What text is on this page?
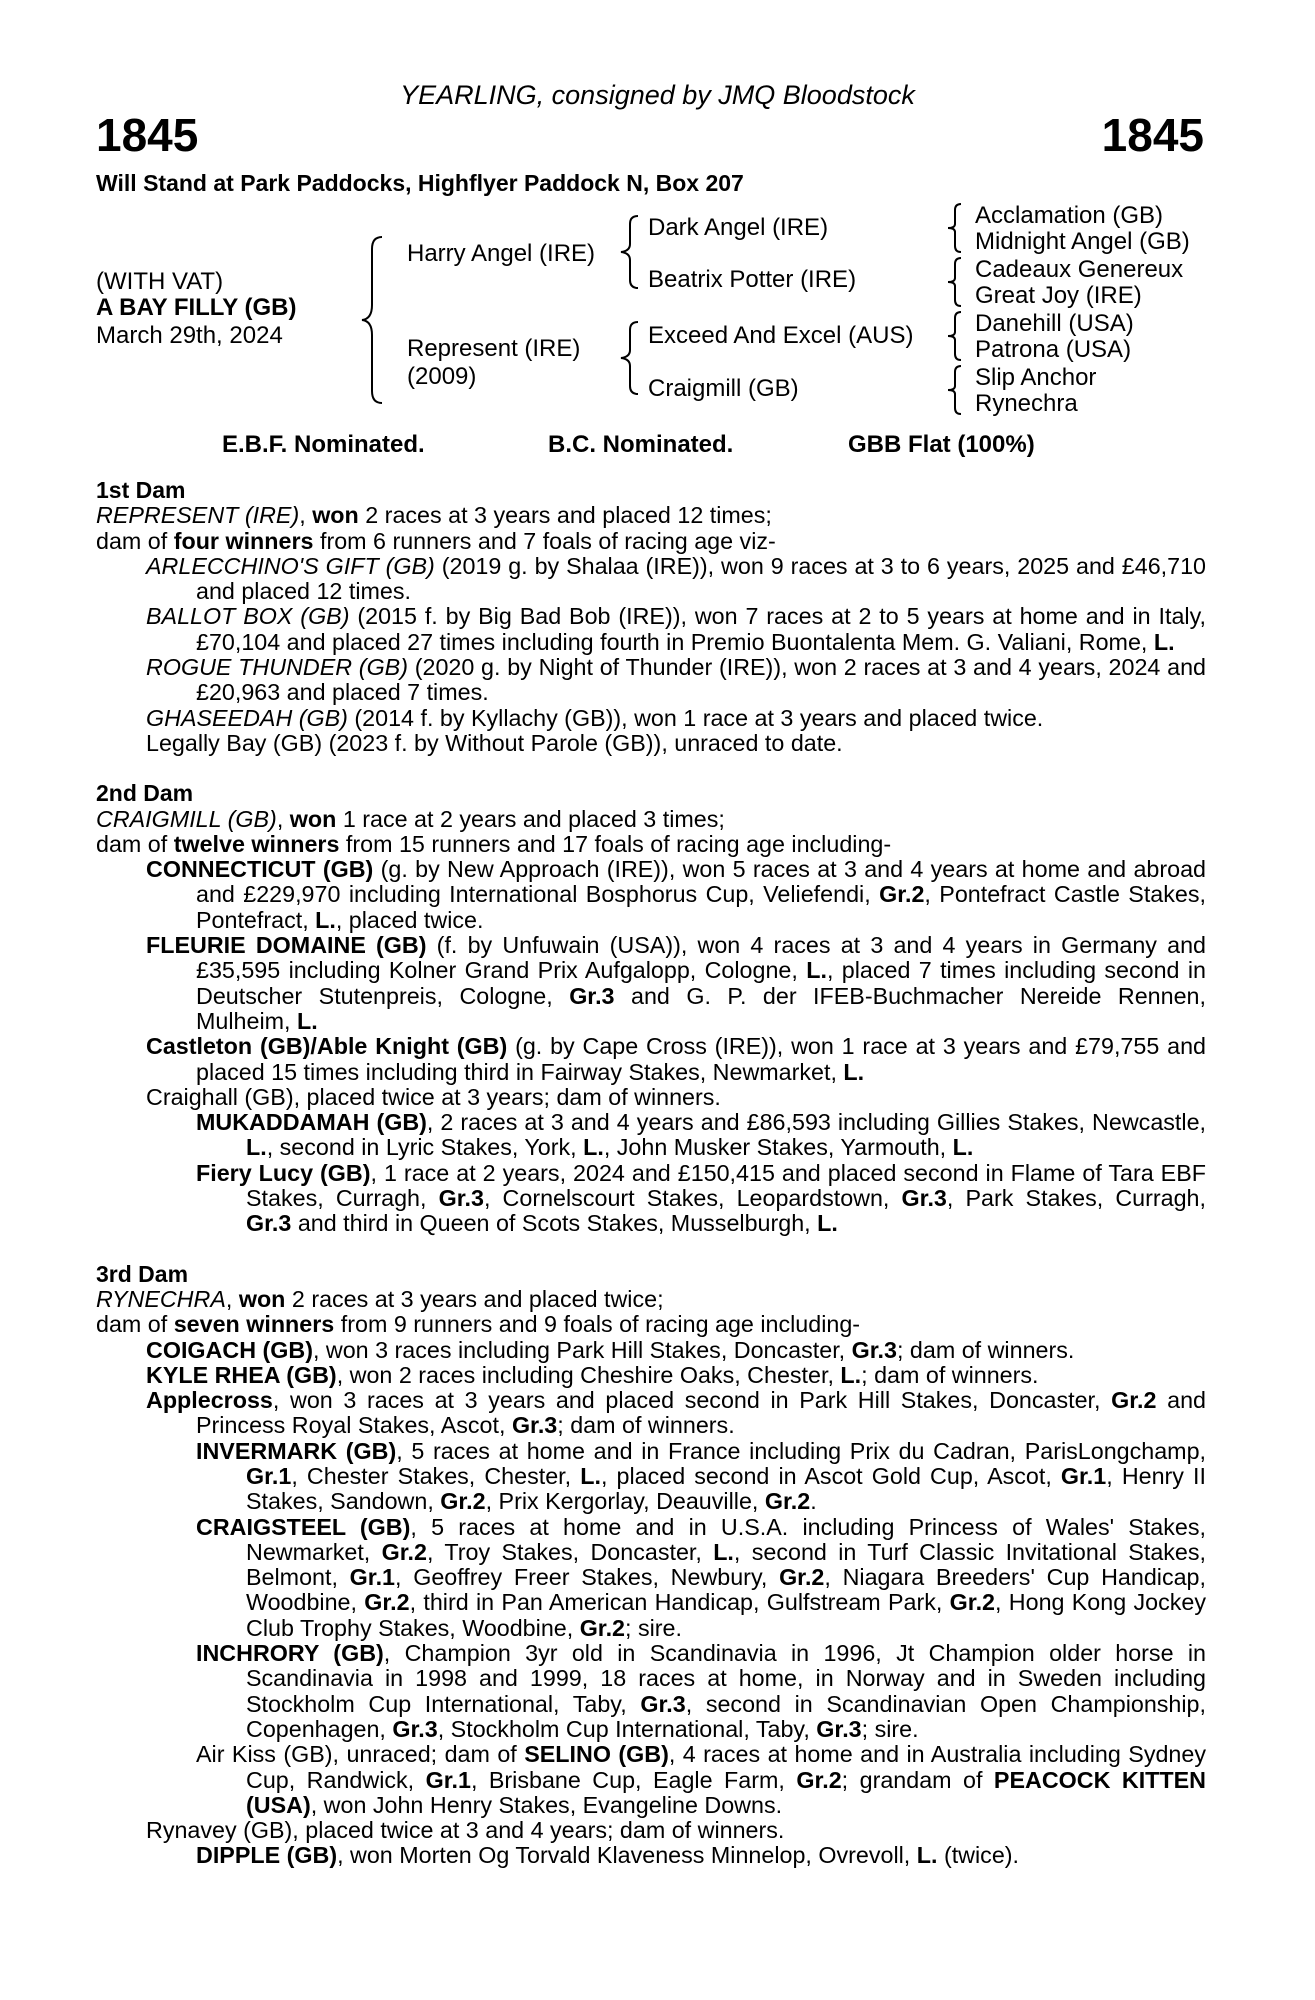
YEARLING, consigned by JMQ Bloodstock
1845	1845
Will Stand at Park Paddocks, Highflyer Paddock N, Box 207
(WITH VAT)
A BAY FILLY (GB)
March 29th, 2024
Harry Angel (IRE)
Represent (IRE)
(2009)
Dark Angel (IRE)
Beatrix Potter (IRE)
Exceed And Excel (AUS)
Craigmill (GB)
Acclamation (GB)
Midnight Angel (GB)
Cadeaux Genereux
Great Joy (IRE)
Danehill (USA)
Patrona (USA)
Slip Anchor
Rynechra
E.B.F. Nominated.	B.C. Nominated.	GBB Flat (100%)

1st Dam

REPRESENT (IRE), won 2 races at 3 years and placed 12 times;

dam of four winners from 6 runners and 7 foals of racing age viz-

ARLECCHINO'S GIFT (GB) (2019 g. by Shalaa (IRE)), won 9 races at 3 to 6 years, 2025 and £46,710 and placed 12 times.

BALLOT BOX (GB) (2015 f. by Big Bad Bob (IRE)), won 7 races at 2 to 5 years at home and in Italy, £70,104 and placed 27 times including fourth in Premio Buontalenta Mem. G. Valiani, Rome, L.

ROGUE THUNDER (GB) (2020 g. by Night of Thunder (IRE)), won 2 races at 3 and 4 years, 2024 and £20,963 and placed 7 times.

GHASEEDAH (GB) (2014 f. by Kyllachy (GB)), won 1 race at 3 years and placed twice.

Legally Bay (GB) (2023 f. by Without Parole (GB)), unraced to date.

2nd Dam

CRAIGMILL (GB), won 1 race at 2 years and placed 3 times;

dam of twelve winners from 15 runners and 17 foals of racing age including-

CONNECTICUT (GB) (g. by New Approach (IRE)), won 5 races at 3 and 4 years at home and abroad and £229,970 including International Bosphorus Cup, Veliefendi, Gr.2, Pontefract Castle Stakes, Pontefract, L., placed twice.

FLEURIE DOMAINE (GB) (f. by Unfuwain (USA)), won 4 races at 3 and 4 years in Germany and £35,595 including Kolner Grand Prix Aufgalopp, Cologne, L., placed 7 times including second in Deutscher Stutenpreis, Cologne, Gr.3 and G. P. der IFEB-Buchmacher Nereide Rennen, Mulheim, L.

Castleton (GB)/Able Knight (GB) (g. by Cape Cross (IRE)), won 1 race at 3 years and £79,755 and placed 15 times including third in Fairway Stakes, Newmarket, L.

Craighall (GB), placed twice at 3 years; dam of winners.

MUKADDAMAH (GB), 2 races at 3 and 4 years and £86,593 including Gillies Stakes, Newcastle, L., second in Lyric Stakes, York, L., John Musker Stakes, Yarmouth, L.

Fiery Lucy (GB), 1 race at 2 years, 2024 and £150,415 and placed second in Flame of Tara EBF Stakes, Curragh, Gr.3, Cornelscourt Stakes, Leopardstown, Gr.3, Park Stakes, Curragh, Gr.3 and third in Queen of Scots Stakes, Musselburgh, L.

3rd Dam

RYNECHRA, won 2 races at 3 years and placed twice;

dam of seven winners from 9 runners and 9 foals of racing age including-

COIGACH (GB), won 3 races including Park Hill Stakes, Doncaster, Gr.3; dam of winners.

KYLE RHEA (GB), won 2 races including Cheshire Oaks, Chester, L.; dam of winners.

Applecross, won 3 races at 3 years and placed second in Park Hill Stakes, Doncaster, Gr.2 and Princess Royal Stakes, Ascot, Gr.3; dam of winners.

INVERMARK (GB), 5 races at home and in France including Prix du Cadran, ParisLongchamp, Gr.1, Chester Stakes, Chester, L., placed second in Ascot Gold Cup, Ascot, Gr.1, Henry II Stakes, Sandown, Gr.2, Prix Kergorlay, Deauville, Gr.2.

CRAIGSTEEL (GB), 5 races at home and in U.S.A. including Princess of Wales' Stakes, Newmarket, Gr.2, Troy Stakes, Doncaster, L., second in Turf Classic Invitational Stakes, Belmont, Gr.1, Geoffrey Freer Stakes, Newbury, Gr.2, Niagara Breeders' Cup Handicap, Woodbine, Gr.2, third in Pan American Handicap, Gulfstream Park, Gr.2, Hong Kong Jockey Club Trophy Stakes, Woodbine, Gr.2; sire.

INCHRORY (GB), Champion 3yr old in Scandinavia in 1996, Jt Champion older horse in Scandinavia in 1998 and 1999, 18 races at home, in Norway and in Sweden including Stockholm Cup International, Taby, Gr.3, second in Scandinavian Open Championship, Copenhagen, Gr.3, Stockholm Cup International, Taby, Gr.3; sire.

Air Kiss (GB), unraced; dam of SELINO (GB), 4 races at home and in Australia including Sydney Cup, Randwick, Gr.1, Brisbane Cup, Eagle Farm, Gr.2; grandam of PEACOCK KITTEN (USA), won John Henry Stakes, Evangeline Downs.

Rynavey (GB), placed twice at 3 and 4 years; dam of winners.

DIPPLE (GB), won Morten Og Torvald Klaveness Minnelop, Ovrevoll, L. (twice).
